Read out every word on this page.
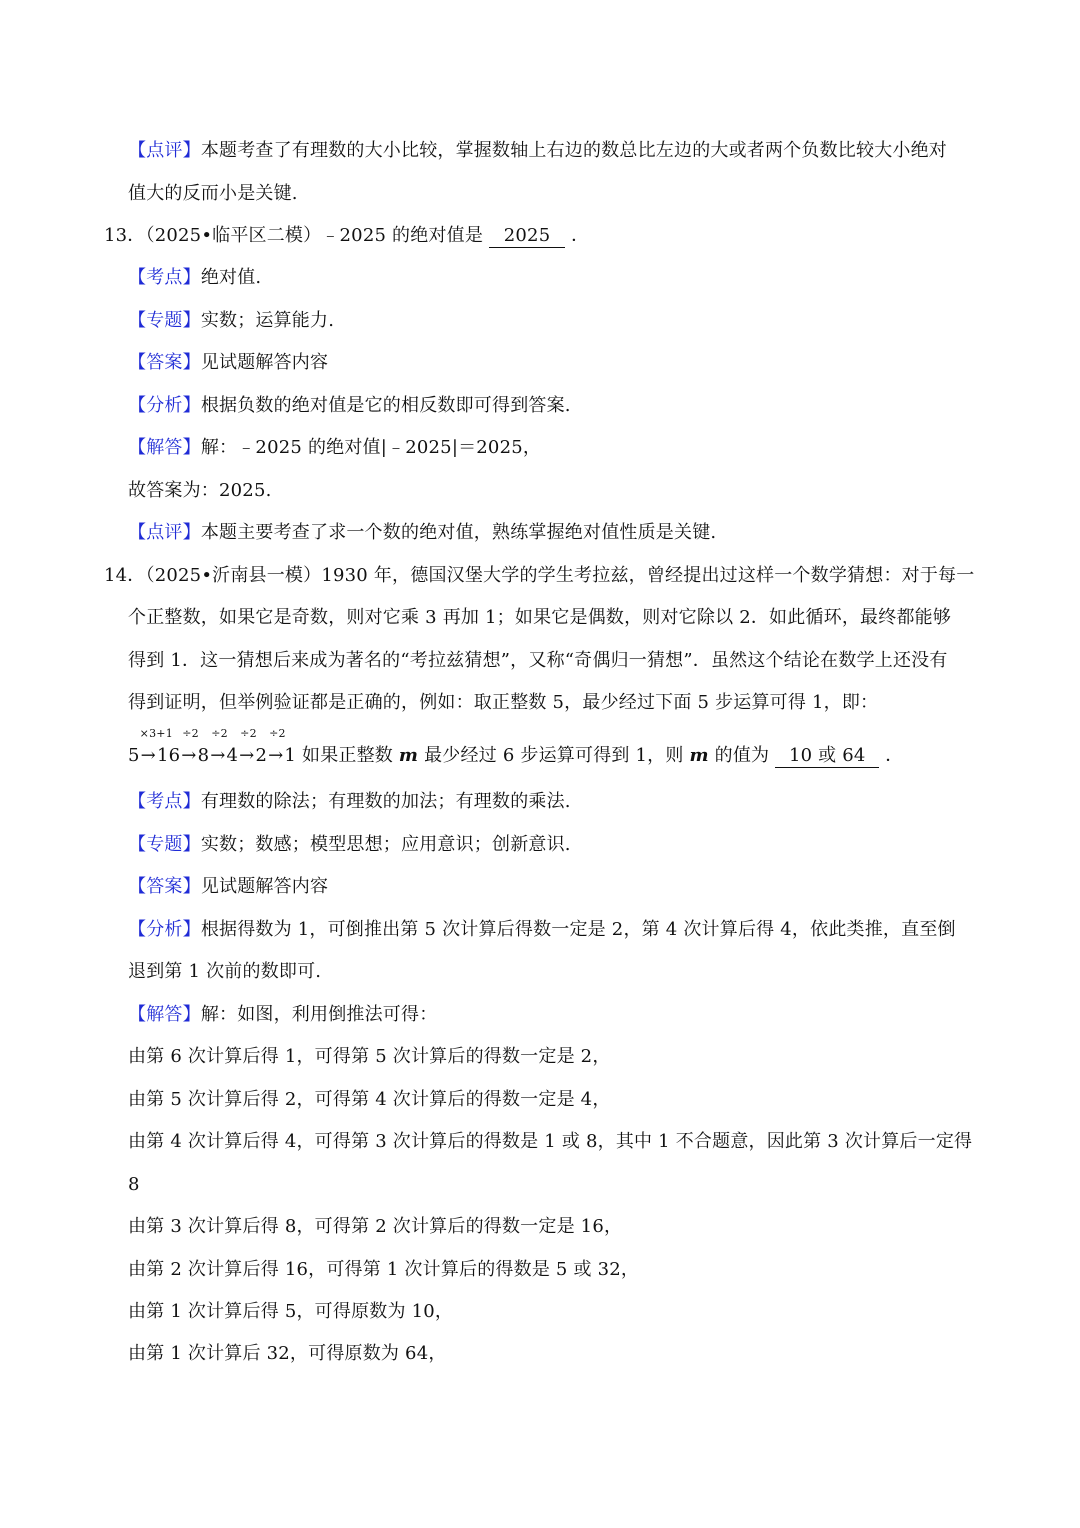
【点评】本题考查了有理数的大小比较，掌握数轴上右边的数总比左边的大或者两个负数比较大小绝对
值大的反而小是关键.
13．（2025•临平区二模）﹣2025 的绝对值是 2025 ．
【考点】绝对值.
【专题】实数；运算能力.
【答案】见试题解答内容
【分析】根据负数的绝对值是它的相反数即可得到答案.
【解答】解：﹣2025 的绝对值|﹣2025|＝2025，
故答案为：2025.
【点评】本题主要考查了求一个数的绝对值，熟练掌握绝对值性质是关键.
14．（2025•沂南县一模）1930 年，德国汉堡大学的学生考拉兹，曾经提出过这样一个数学猜想：对于每一
个正整数，如果它是奇数，则对它乘 3 再加 1；如果它是偶数，则对它除以 2．如此循环，最终都能够
得到 1．这一猜想后来成为著名的“考拉兹猜想”，又称“奇偶归一猜想”．虽然这个结论在数学上还没有
得到证明，但举例验证都是正确的，例如：取正整数 5，最少经过下面 5 步运算可得 1，即：
5
×3+1
→16
÷2
→8
÷2
→4
÷2
→2
÷2
→1 如果正整数 m 最少经过 6 步运算可得到 1，则 m 的值为 10 或 64 ．
【考点】有理数的除法；有理数的加法；有理数的乘法.
【专题】实数；数感；模型思想；应用意识；创新意识.
【答案】见试题解答内容
【分析】根据得数为 1，可倒推出第 5 次计算后得数一定是 2，第 4 次计算后得 4，依此类推，直至倒
退到第 1 次前的数即可.
【解答】解：如图，利用倒推法可得：
由第 6 次计算后得 1，可得第 5 次计算后的得数一定是 2，
由第 5 次计算后得 2，可得第 4 次计算后的得数一定是 4，
由第 4 次计算后得 4，可得第 3 次计算后的得数是 1 或 8，其中 1 不合题意，因此第 3 次计算后一定得
8
由第 3 次计算后得 8，可得第 2 次计算后的得数一定是 16，
由第 2 次计算后得 16，可得第 1 次计算后的得数是 5 或 32，
由第 1 次计算后得 5，可得原数为 10，
由第 1 次计算后 32，可得原数为 64，
